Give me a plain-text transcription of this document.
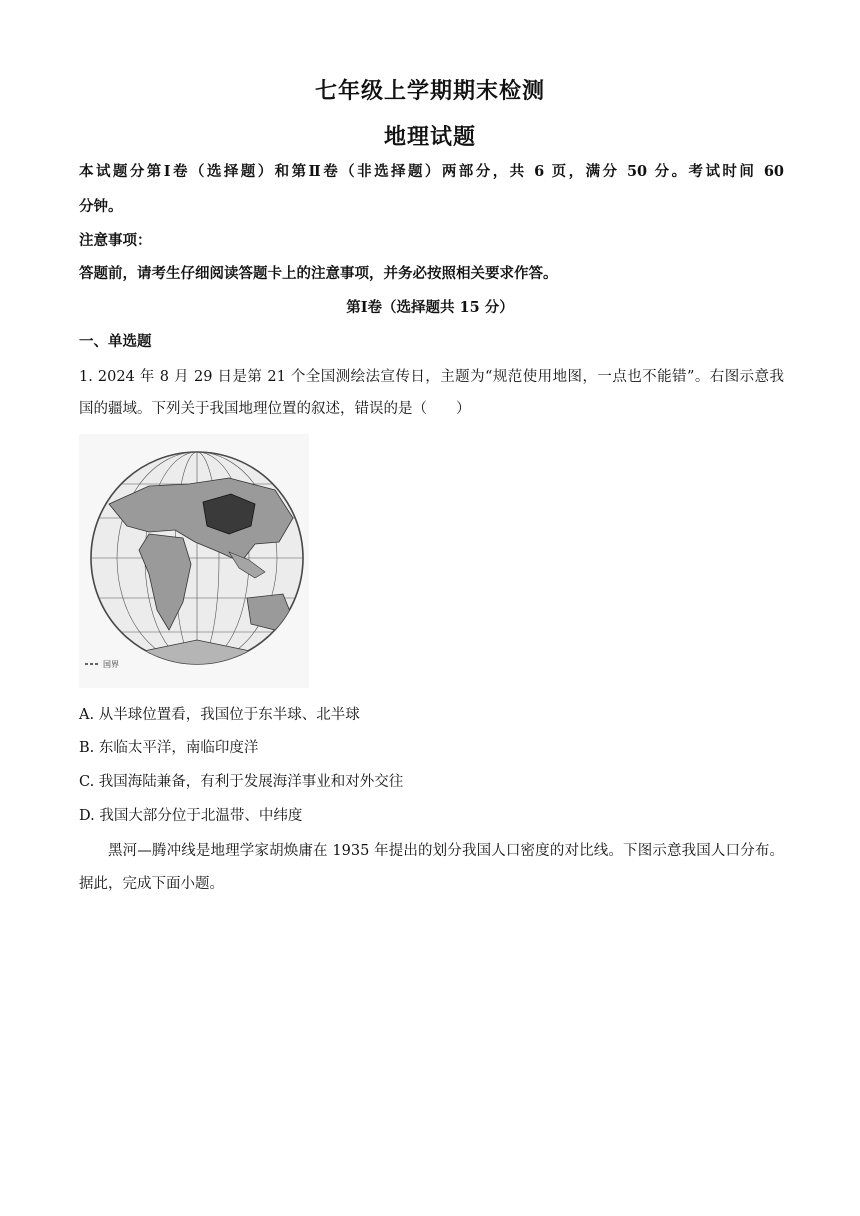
七年级上学期期末检测
地理试题
本试题分第Ⅰ卷（选择题）和第Ⅱ卷（非选择题）两部分，共 6 页，满分 50 分。考试时间 60
分钟。
注意事项：
答题前，请考生仔细阅读答题卡上的注意事项，并务必按照相关要求作答。
第Ⅰ卷（选择题共 15 分）
一、单选题
1. 2024 年 8 月 29 日是第 21 个全国测绘法宣传日，主题为“规范使用地图，一点也不能错”。右图示意我
国的疆域。下列关于我国地理位置的叙述，错误的是（　　）
国界
A. 从半球位置看，我国位于东半球、北半球
B. 东临太平洋，南临印度洋
C. 我国海陆兼备，有利于发展海洋事业和对外交往
D. 我国大部分位于北温带、中纬度
黑河—腾冲线是地理学家胡焕庸在 1935 年提出的划分我国人口密度的对比线。下图示意我国人口分布。
据此，完成下面小题。
